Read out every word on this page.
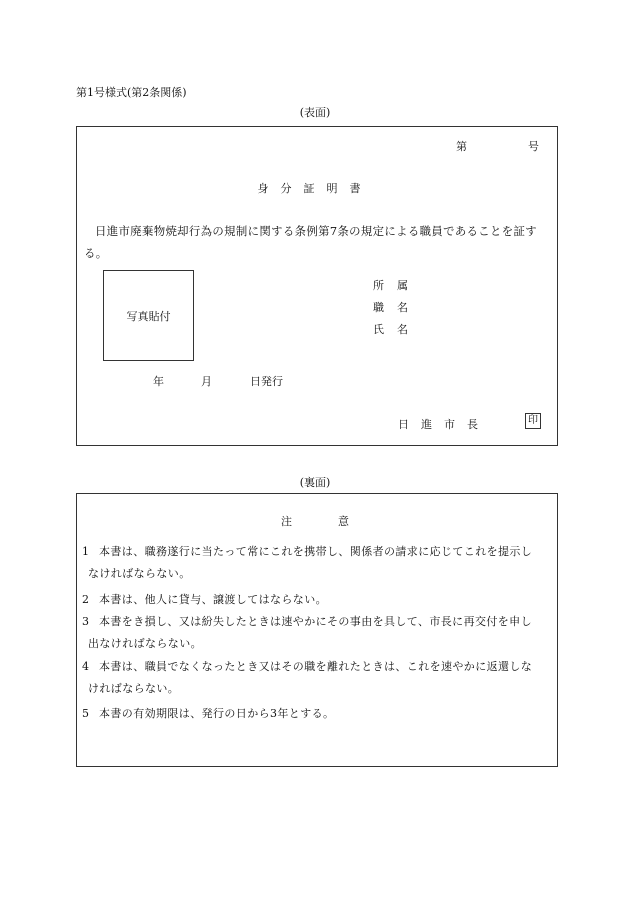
第1号様式(第2条関係)
(表面)
第	号
身分証明書
日進市廃棄物焼却行為の規制に関する条例第7条の規定による職員であることを証する。
写真貼付
所属
職名
氏名
年	月	日発行
日進市長	印
(裏面)
注意
1 本書は、職務遂行に当たって常にこれを携帯し、関係者の請求に応じてこれを提示し
なければならない。
2 本書は、他人に貸与、譲渡してはならない。
3 本書をき損し、又は紛失したときは速やかにその事由を具して、市長に再交付を申し
出なければならない。
4 本書は、職員でなくなったとき又はその職を離れたときは、これを速やかに返還しな
ければならない。
5 本書の有効期限は、発行の日から3年とする。
